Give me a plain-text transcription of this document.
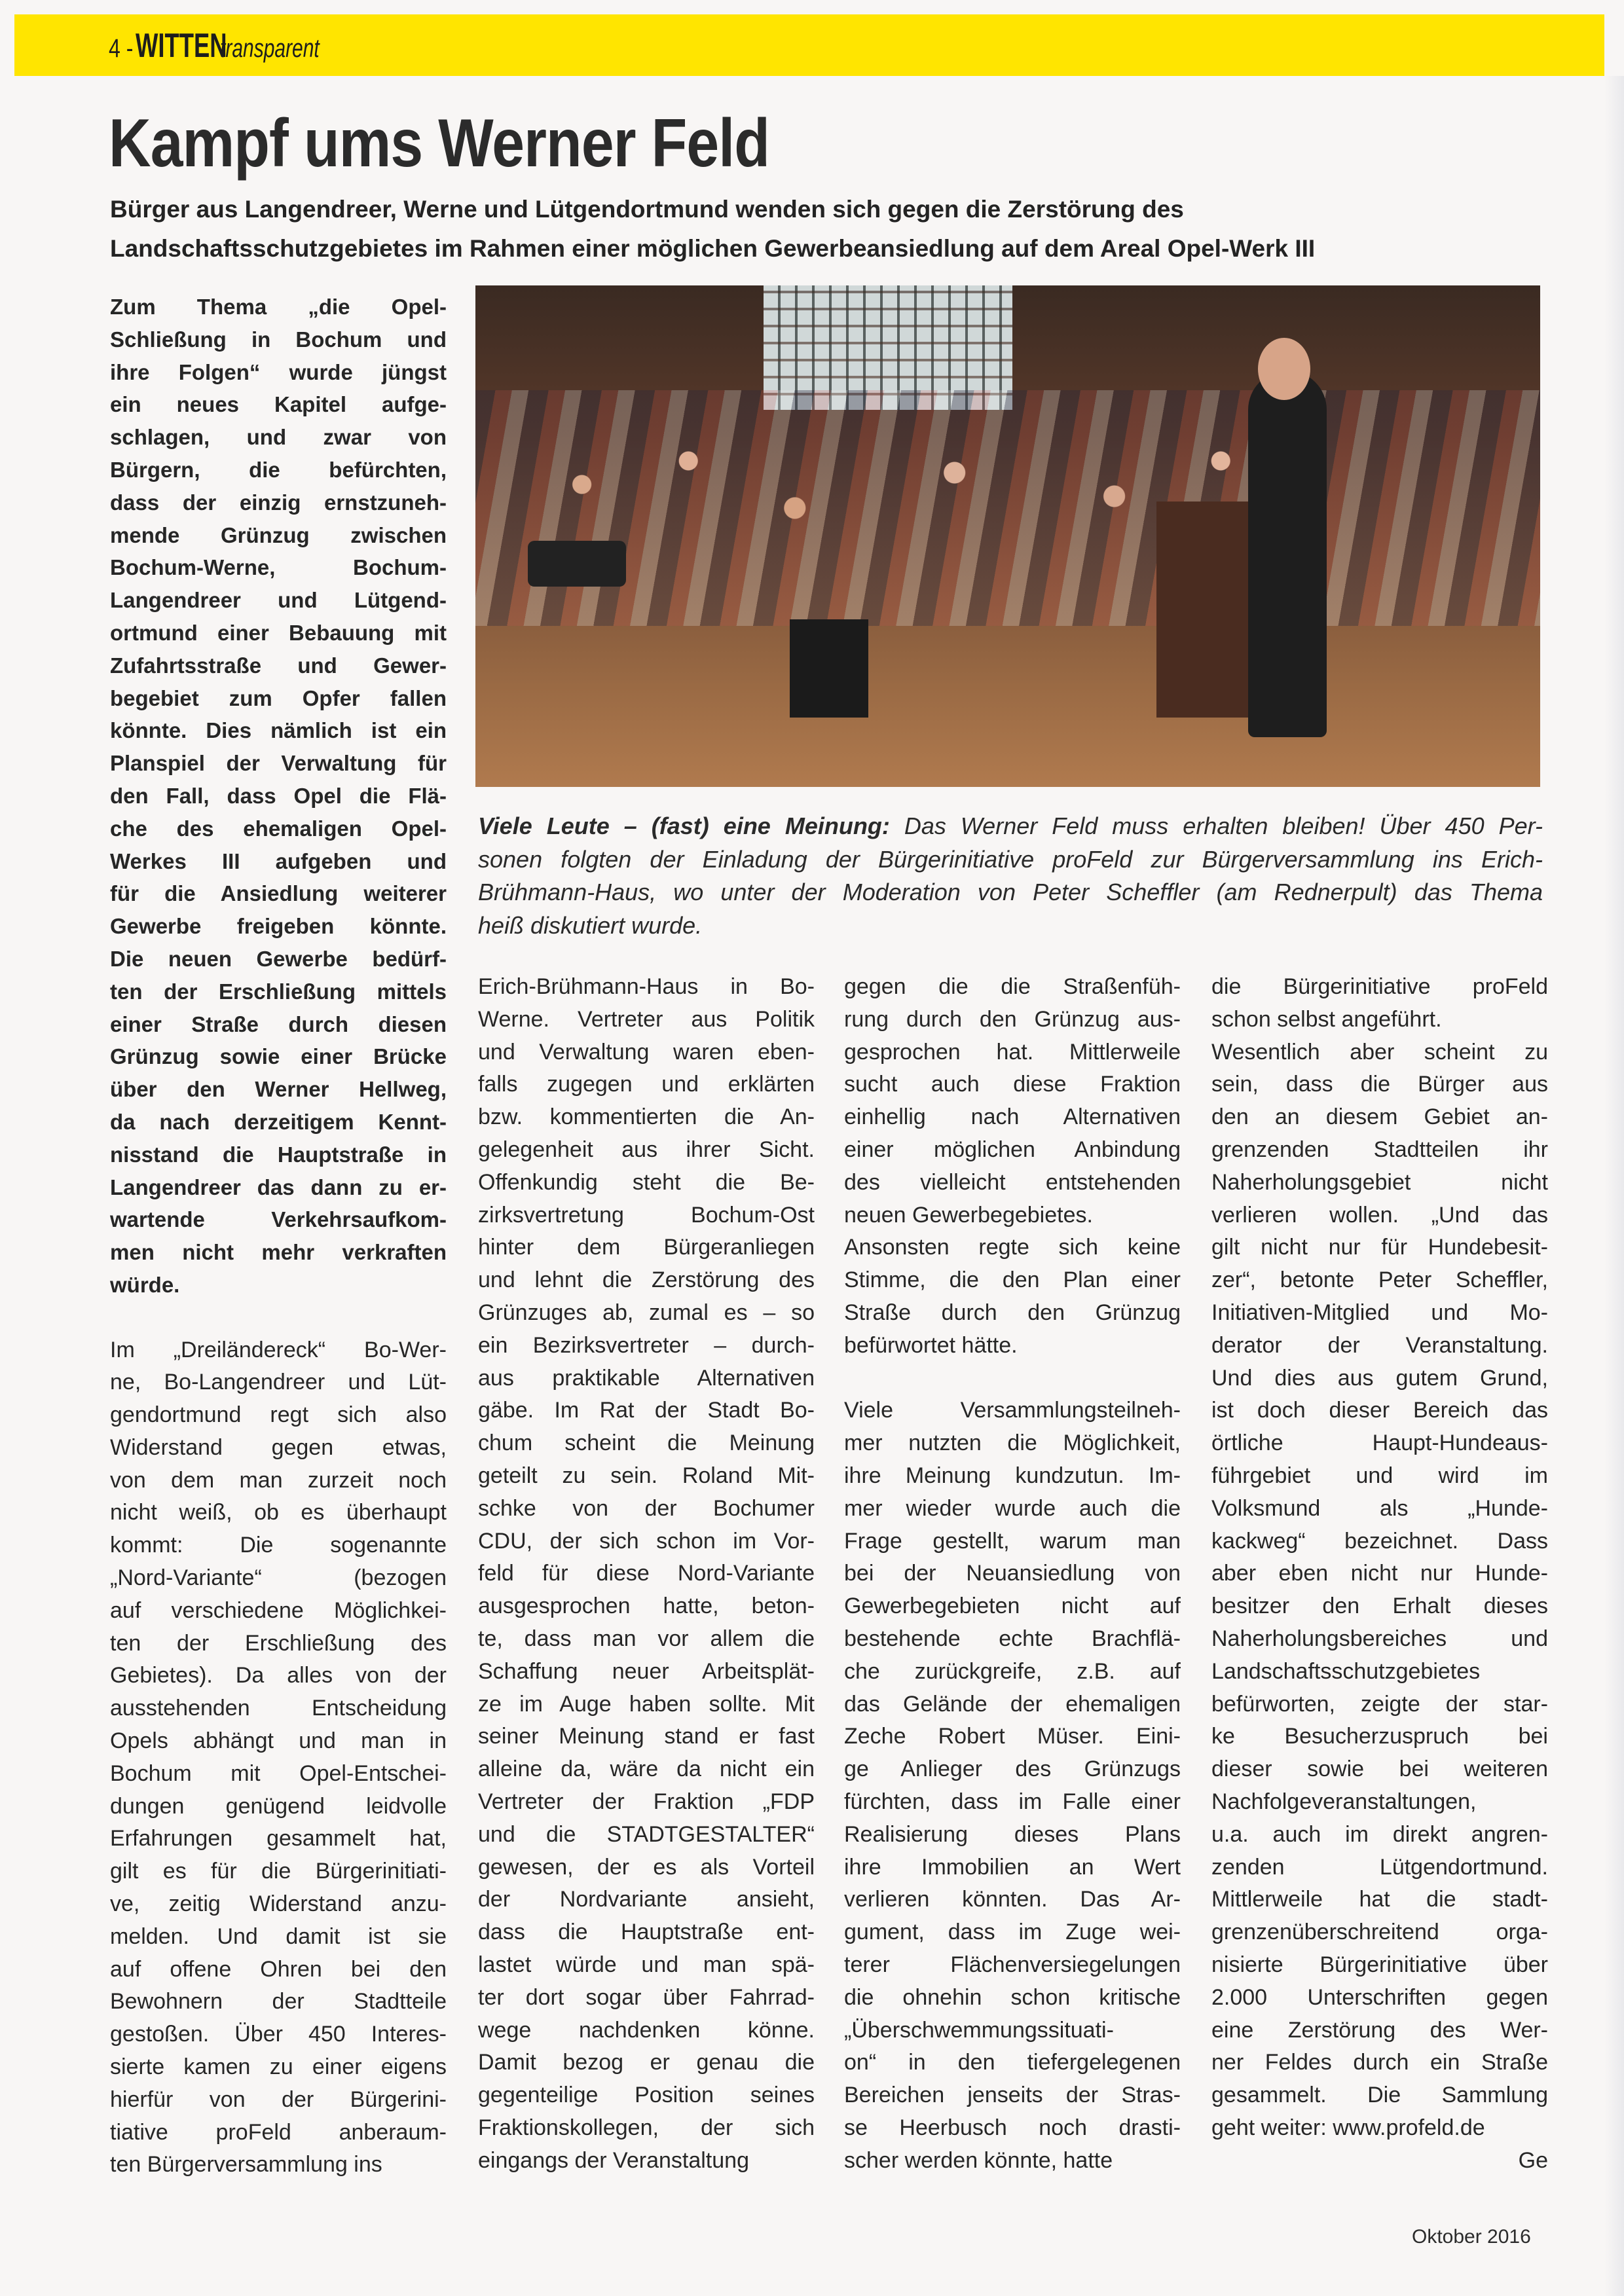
4 - WITTEN
transparent
Kampf ums Werner Feld
Bürger aus Langendreer, Werne und Lütgendortmund wenden sich gegen die Zerstörung des
Landschaftsschutzgebietes im Rahmen einer möglichen Gewerbeansiedlung auf dem Areal Opel-Werk III
Viele Leute – (fast) eine Meinung: Das Werner Feld muss erhalten bleiben! Über 450 Per-
sonen folgten der Einladung der Bürgerinitiative proFeld zur Bürgerversammlung ins Erich-
Brühmann-Haus, wo unter der Moderation von Peter Scheffler (am Rednerpult) das Thema
heiß diskutiert wurde.
Zum Thema „die Opel-
Schließung in Bochum und
ihre Folgen“ wurde jüngst
ein neues Kapitel aufge-
schlagen, und zwar von
Bürgern, die befürchten,
dass der einzig ernstzuneh-
mende Grünzug zwischen
Bochum-Werne, Bochum-
Langendreer und Lütgend-
ortmund einer Bebauung mit
Zufahrtsstraße und Gewer-
begebiet zum Opfer fallen
könnte. Dies nämlich ist ein
Planspiel der Verwaltung für
den Fall, dass Opel die Flä-
che des ehemaligen Opel-
Werkes III aufgeben und
für die Ansiedlung weiterer
Gewerbe freigeben könnte.
Die neuen Gewerbe bedürf-
ten der Erschließung mittels
einer Straße durch diesen
Grünzug sowie einer Brücke
über den Werner Hellweg,
da nach derzeitigem Kennt-
nisstand die Hauptstraße in
Langendreer das dann zu er-
wartende Verkehrsaufkom-
men nicht mehr verkraften
würde.
Im „Dreiländereck“ Bo-Wer-
ne, Bo-Langendreer und Lüt-
gendortmund regt sich also
Widerstand gegen etwas,
von dem man zurzeit noch
nicht weiß, ob es überhaupt
kommt: Die sogenannte
„Nord-Variante“ (bezogen
auf verschiedene Möglichkei-
ten der Erschließung des
Gebietes). Da alles von der
ausstehenden Entscheidung
Opels abhängt und man in
Bochum mit Opel-Entschei-
dungen genügend leidvolle
Erfahrungen gesammelt hat,
gilt es für die Bürgerinitiati-
ve, zeitig Widerstand anzu-
melden. Und damit ist sie
auf offene Ohren bei den
Bewohnern der Stadtteile
gestoßen. Über 450 Interes-
sierte kamen zu einer eigens
hierfür von der Bürgerini-
tiative proFeld anberaum-
ten Bürgerversammlung ins
Erich-Brühmann-Haus in Bo-
Werne. Vertreter aus Politik
und Verwaltung waren eben-
falls zugegen und erklärten
bzw. kommentierten die An-
gelegenheit aus ihrer Sicht.
Offenkundig steht die Be-
zirksvertretung Bochum-Ost
hinter dem Bürgeranliegen
und lehnt die Zerstörung des
Grünzuges ab, zumal es – so
ein Bezirksvertreter – durch-
aus praktikable Alternativen
gäbe. Im Rat der Stadt Bo-
chum scheint die Meinung
geteilt zu sein. Roland Mit-
schke von der Bochumer
CDU, der sich schon im Vor-
feld für diese Nord-Variante
ausgesprochen hatte, beton-
te, dass man vor allem die
Schaffung neuer Arbeitsplät-
ze im Auge haben sollte. Mit
seiner Meinung stand er fast
alleine da, wäre da nicht ein
Vertreter der Fraktion „FDP
und die STADTGESTALTER“
gewesen, der es als Vorteil
der Nordvariante ansieht,
dass die Hauptstraße ent-
lastet würde und man spä-
ter dort sogar über Fahrrad-
wege nachdenken könne.
Damit bezog er genau die
gegenteilige Position seines
Fraktionskollegen, der sich
eingangs der Veranstaltung
gegen die die Straßenfüh-
rung durch den Grünzug aus-
gesprochen hat. Mittlerweile
sucht auch diese Fraktion
einhellig nach Alternativen
einer möglichen Anbindung
des vielleicht entstehenden
neuen Gewerbegebietes.
Ansonsten regte sich keine
Stimme, die den Plan einer
Straße durch den Grünzug
befürwortet hätte.
Viele Versammlungsteilneh-
mer nutzten die Möglichkeit,
ihre Meinung kundzutun. Im-
mer wieder wurde auch die
Frage gestellt, warum man
bei der Neuansiedlung von
Gewerbegebieten nicht auf
bestehende echte Brachflä-
che zurückgreife, z.B. auf
das Gelände der ehemaligen
Zeche Robert Müser. Eini-
ge Anlieger des Grünzugs
fürchten, dass im Falle einer
Realisierung dieses Plans
ihre Immobilien an Wert
verlieren könnten. Das Ar-
gument, dass im Zuge wei-
terer Flächenversiegelungen
die ohnehin schon kritische
„Überschwemmungssituati-
on“ in den tiefergelegenen
Bereichen jenseits der Stras-
se Heerbusch noch drasti-
scher werden könnte, hatte
die Bürgerinitiative proFeld
schon selbst angeführt.
Wesentlich aber scheint zu
sein, dass die Bürger aus
den an diesem Gebiet an-
grenzenden Stadtteilen ihr
Naherholungsgebiet nicht
verlieren wollen. „Und das
gilt nicht nur für Hundebesit-
zer“, betonte Peter Scheffler,
Initiativen-Mitglied und Mo-
derator der Veranstaltung.
Und dies aus gutem Grund,
ist doch dieser Bereich das
örtliche Haupt-Hundeaus-
führgebiet und wird im
Volksmund als „Hunde-
kackweg“ bezeichnet. Dass
aber eben nicht nur Hunde-
besitzer den Erhalt dieses
Naherholungsbereiches und
Landschaftsschutzgebietes
befürworten, zeigte der star-
ke Besucherzuspruch bei
dieser sowie bei weiteren
Nachfolgeveranstaltungen,
u.a. auch im direkt angren-
zenden Lütgendortmund.
Mittlerweile hat die stadt-
grenzenüberschreitend orga-
nisierte Bürgerinitiative über
2.000 Unterschriften gegen
eine Zerstörung des Wer-
ner Feldes durch ein Straße
gesammelt. Die Sammlung
geht weiter: www.profeld.de
Ge
Oktober 2016
